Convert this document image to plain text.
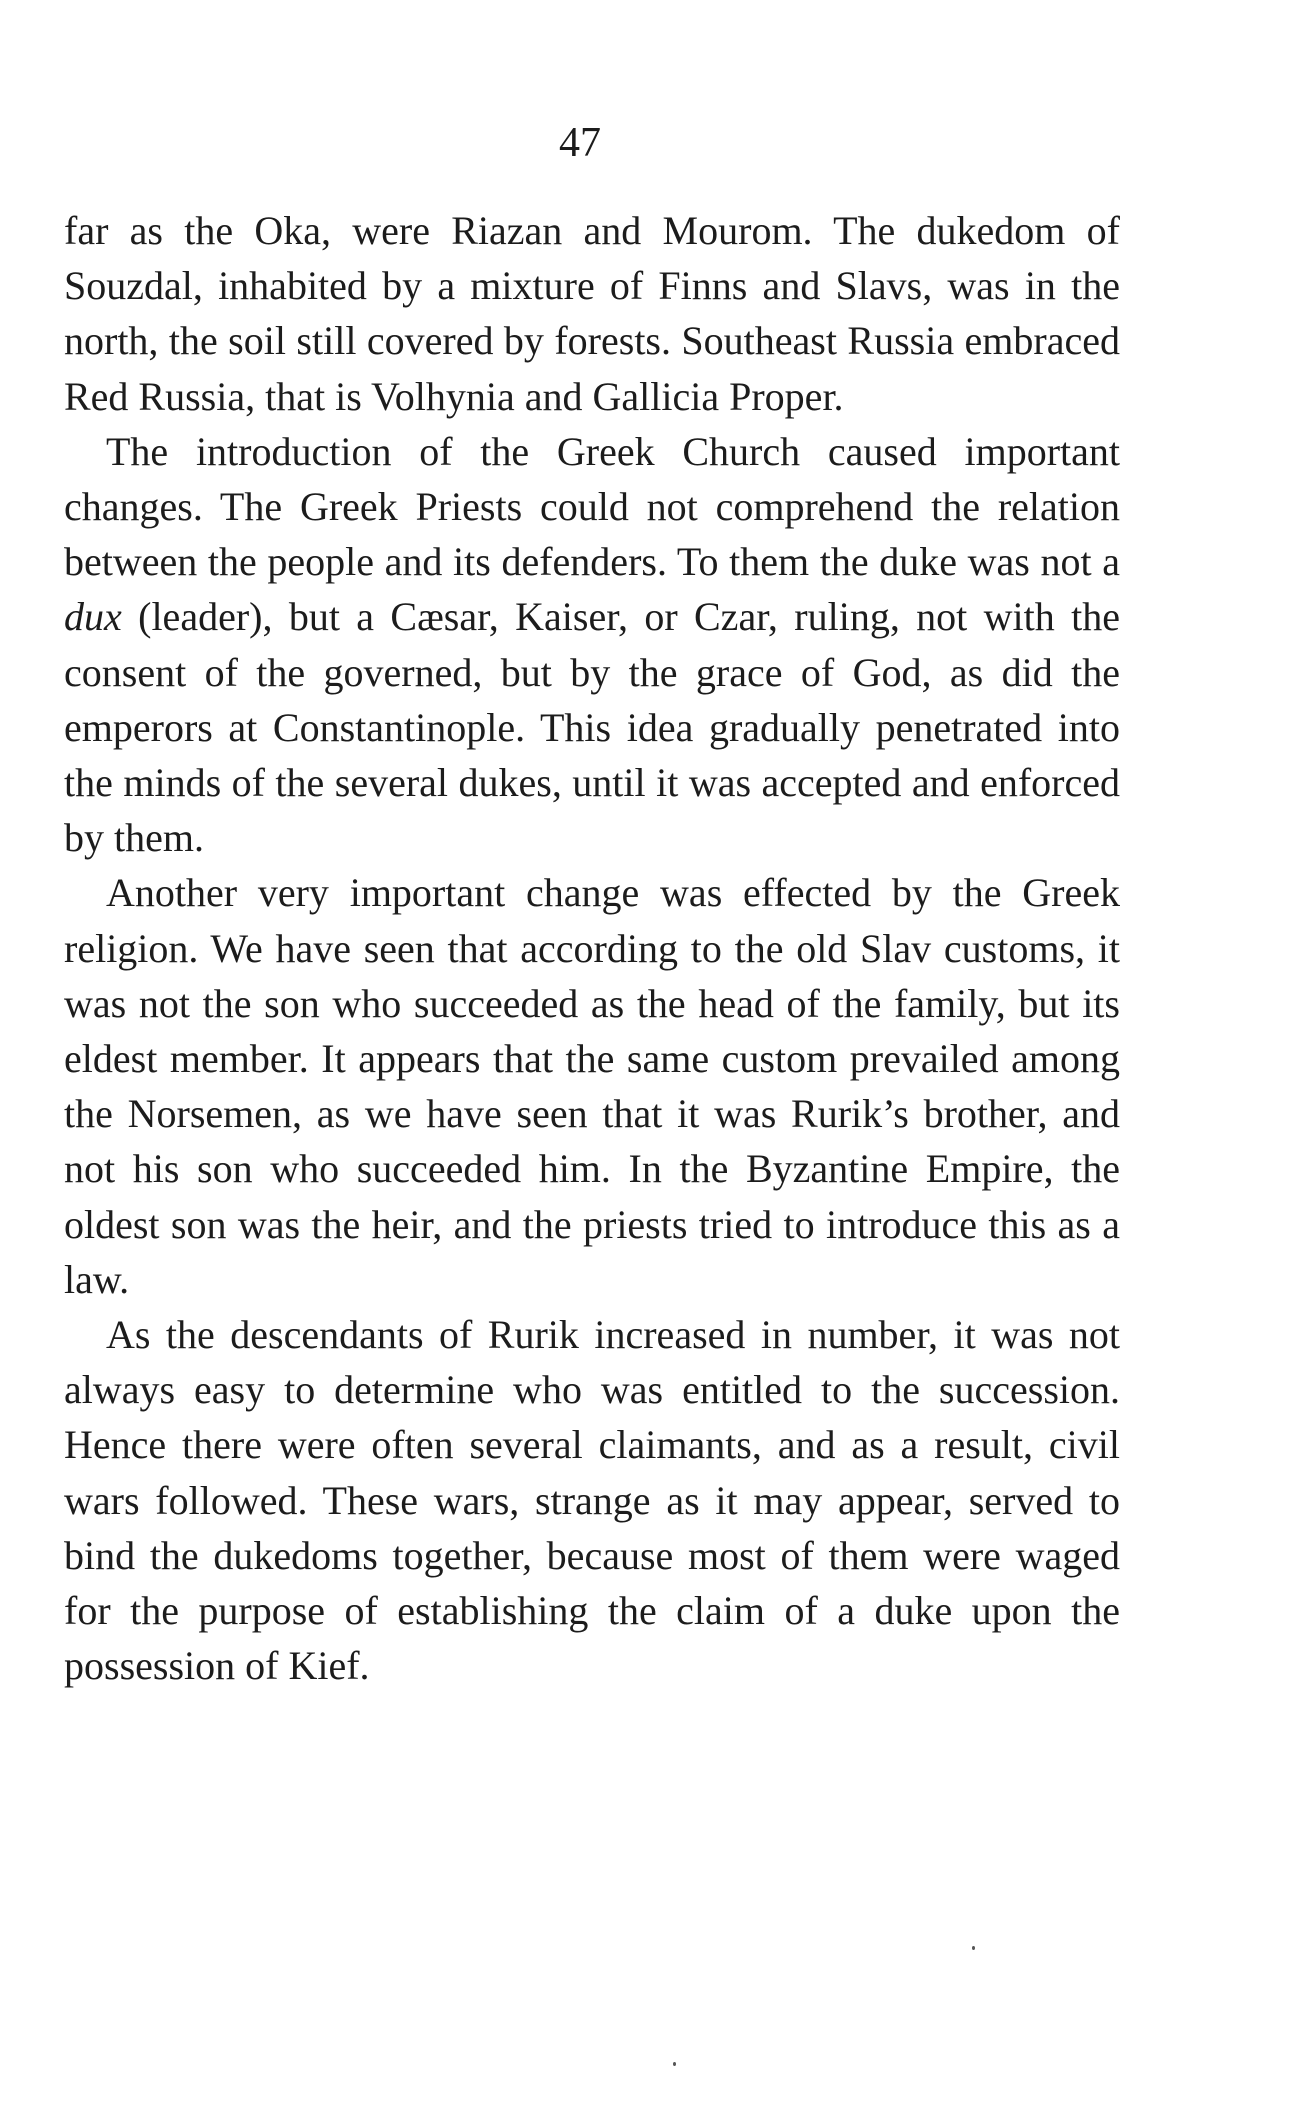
47

far as the Oka, were Riazan and Mourom. The dukedom of Souzdal, inhabited by a mixture of Finns and Slavs, was in the north, the soil still covered by forests. Southeast Russia embraced Red Russia, that is Volhynia and Gallicia Proper.

The introduction of the Greek Church caused important changes. The Greek Priests could not comprehend the relation between the people and its defenders. To them the duke was not a dux (leader), but a Cæsar, Kaiser, or Czar, ruling, not with the consent of the governed, but by the grace of God, as did the emperors at Constantinople. This idea gradually penetrated into the minds of the several dukes, until it was accepted and enforced by them.

Another very important change was effected by the Greek religion. We have seen that according to the old Slav customs, it was not the son who succeeded as the head of the family, but its eldest member. It appears that the same custom prevailed among the Norsemen, as we have seen that it was Rurik’s brother, and not his son who succeeded him. In the Byzantine Empire, the oldest son was the heir, and the priests tried to introduce this as a law.

As the descendants of Rurik increased in number, it was not always easy to determine who was entitled to the succession. Hence there were often several claimants, and as a result, civil wars followed. These wars, strange as it may appear, served to bind the dukedoms together, because most of them were waged for the purpose of establishing the claim of a duke upon the possession of Kief.
